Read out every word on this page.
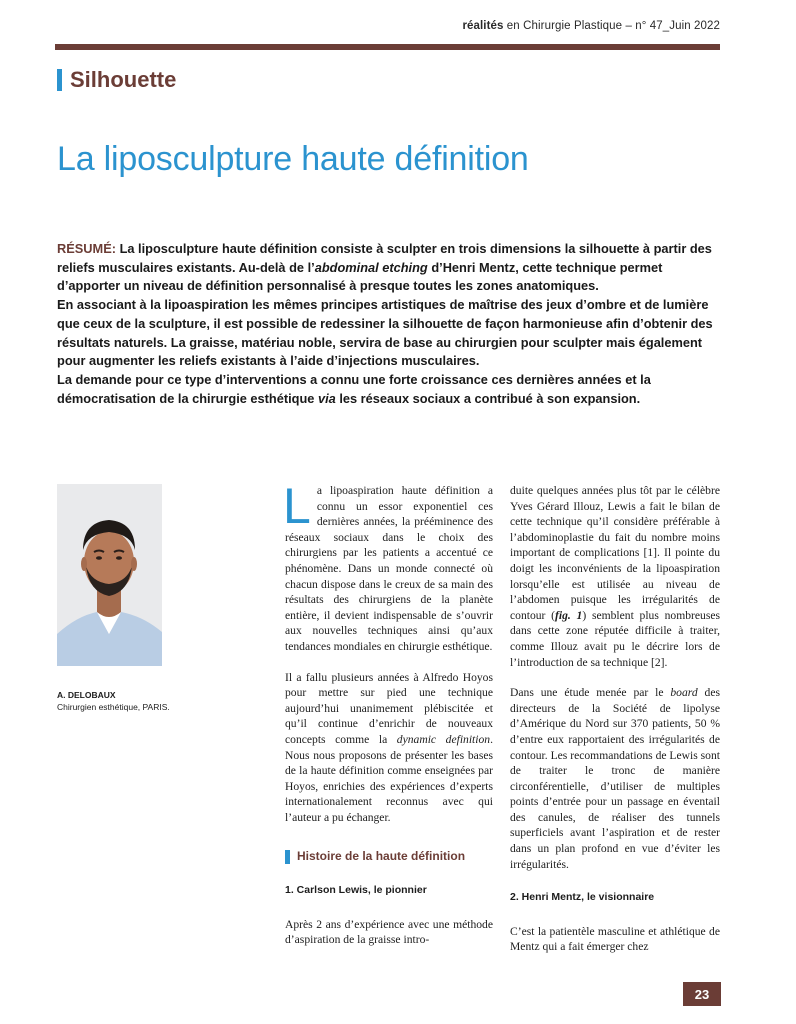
réalités en Chirurgie Plastique – n° 47_Juin 2022
Silhouette
La liposculpture haute définition

RÉSUMÉ: La liposculpture haute définition consiste à sculpter en trois dimensions la silhouette à partir des reliefs musculaires existants. Au-delà de l’abdominal etching d’Henri Mentz, cette technique permet d’apporter un niveau de définition personnalisé à presque toutes les zones anatomiques.

En associant à la lipoaspiration les mêmes principes artistiques de maîtrise des jeux d’ombre et de lumière que ceux de la sculpture, il est possible de redessiner la silhouette de façon harmonieuse afin d’obtenir des résultats naturels. La graisse, matériau noble, servira de base au chirurgien pour sculpter mais également pour augmenter les reliefs existants à l’aide d’injections musculaires.

La demande pour ce type d’interventions a connu une forte croissance ces dernières années et la démocratisation de la chirurgie esthétique via les réseaux sociaux a contribué à son expansion.

A. DELOBAUX
Chirurgien esthétique, PARIS.

La lipoaspiration haute définition a connu un essor exponentiel ces dernières années, la prééminence des réseaux sociaux dans le choix des chirurgiens par les patients a accentué ce phénomène. Dans un monde connecté où chacun dispose dans le creux de sa main des résultats des chirurgiens de la planète entière, il devient indispensable de s’ouvrir aux nouvelles techniques ainsi qu’aux tendances mondiales en chirurgie esthétique.

Il a fallu plusieurs années à Alfredo Hoyos pour mettre sur pied une technique aujourd’hui unanimement plébiscitée et qu’il continue d’enrichir de nouveaux concepts comme la dynamic definition. Nous nous proposons de présenter les bases de la haute définition comme enseignées par Hoyos, enrichies des expériences d’experts internationalement reconnus avec qui l’auteur a pu échanger.

Histoire de la haute définition
1. Carlson Lewis, le pionnier

Après 2 ans d’expérience avec une méthode d’aspiration de la graisse intro-

duite quelques années plus tôt par le célèbre Yves Gérard Illouz, Lewis a fait le bilan de cette technique qu’il considère préférable à l’abdominoplastie du fait du nombre moins important de complications [1]. Il pointe du doigt les inconvénients de la lipoaspiration lorsqu’elle est utilisée au niveau de l’abdomen puisque les irrégularités de contour (fig. 1) semblent plus nombreuses dans cette zone réputée difficile à traiter, comme Illouz avait pu le décrire lors de l’introduction de sa technique [2].

Dans une étude menée par le board des directeurs de la Société de lipolyse d’Amérique du Nord sur 370 patients, 50 % d’entre eux rapportaient des irrégularités de contour. Les recommandations de Lewis sont de traiter le tronc de manière circonférentielle, d’utiliser de multiples points d’entrée pour un passage en éventail des canules, de réaliser des tunnels superficiels avant l’aspiration et de rester dans un plan profond en vue d’éviter les irrégularités.

2. Henri Mentz, le visionnaire

C’est la patientèle masculine et athlétique de Mentz qui a fait émerger chez

23
